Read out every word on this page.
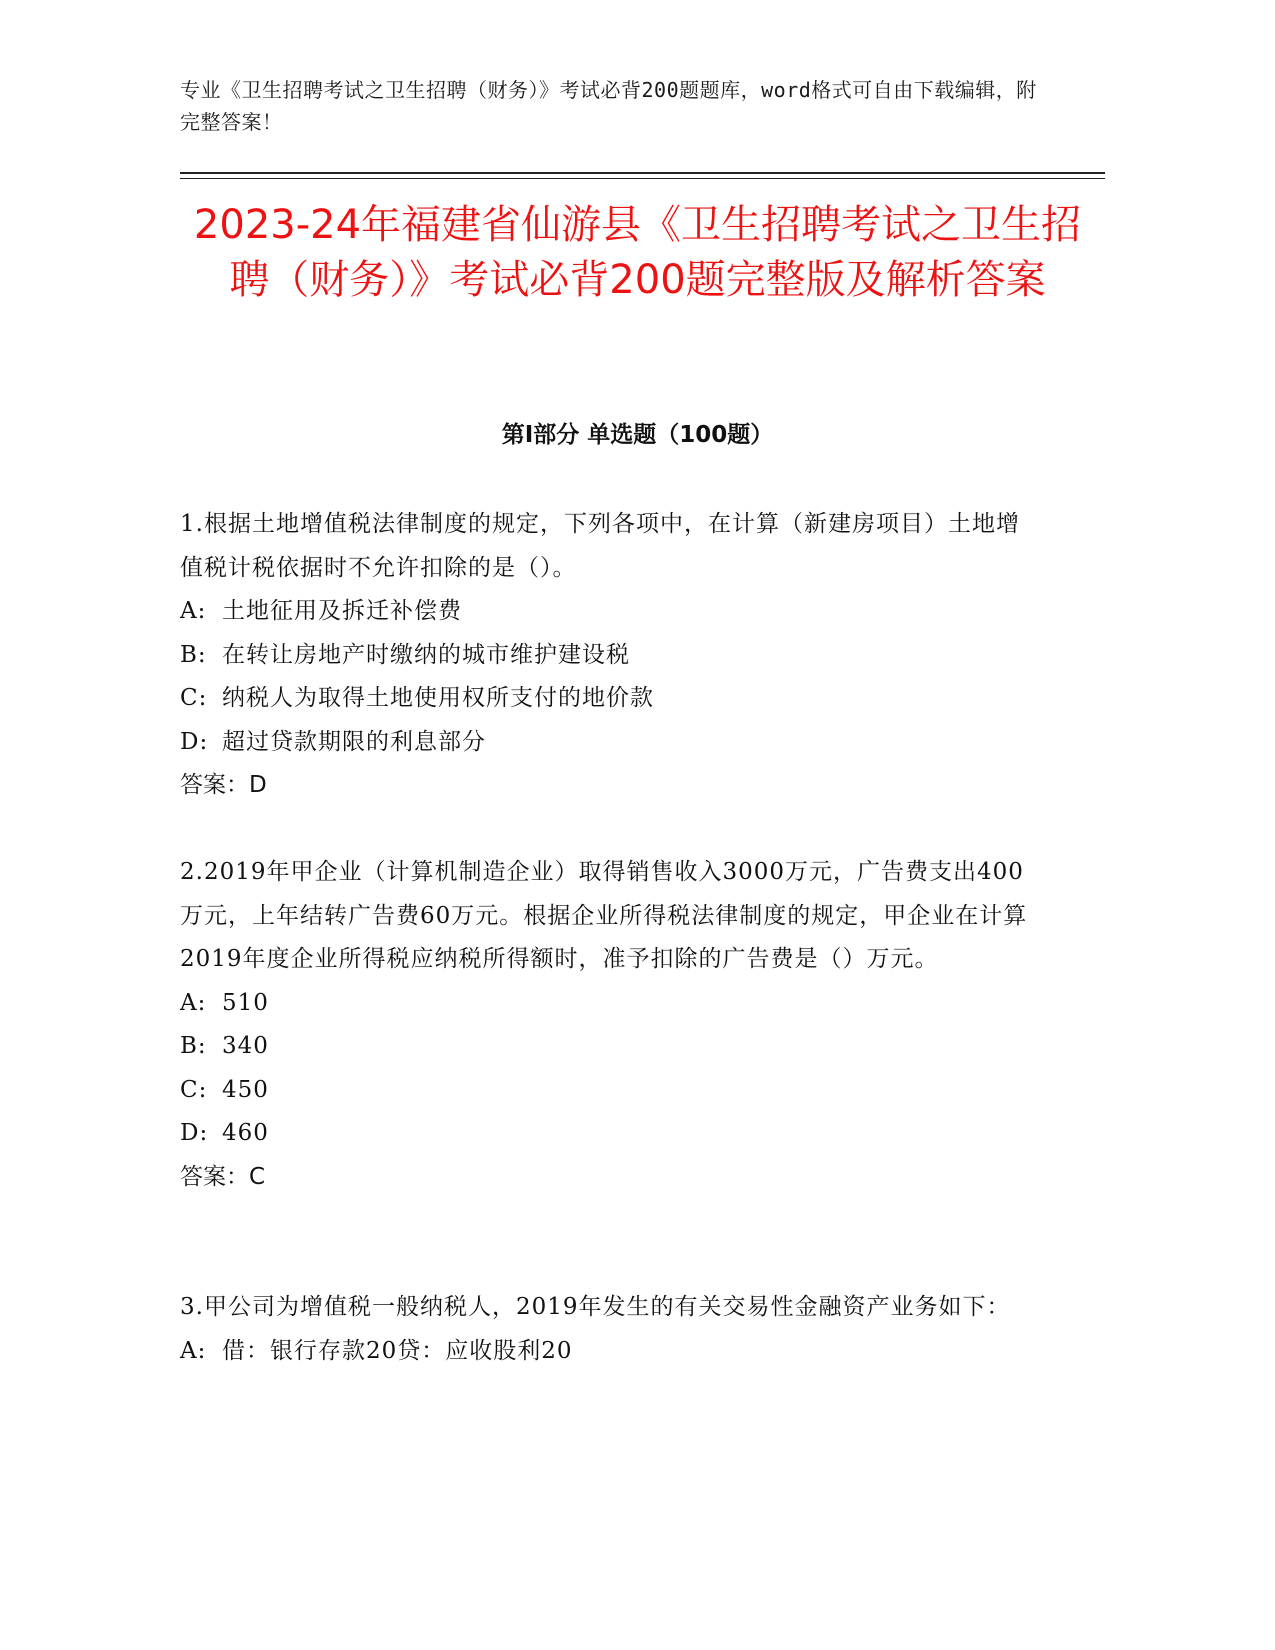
专业《卫生招聘考试之卫生招聘（财务）》考试必背200题题库，word格式可自由下载编辑，附完整答案！
2023-24年福建省仙游县《卫生招聘考试之卫生招聘（财务）》考试必背200题完整版及解析答案
第I部分 单选题（100题）

1.根据土地增值税法律制度的规定，下列各项中，在计算（新建房项目）土地增值税计税依据时不允许扣除的是（）。

A: 土地征用及拆迁补偿费

B: 在转让房地产时缴纳的城市维护建设税

C: 纳税人为取得土地使用权所支付的地价款

D: 超过贷款期限的利息部分

答案：D

2.2019年甲企业（计算机制造企业）取得销售收入3000万元，广告费支出400万元，上年结转广告费60万元。根据企业所得税法律制度的规定，甲企业在计算2019年度企业所得税应纳税所得额时，准予扣除的广告费是（）万元。

A: 510

B: 340

C: 450

D: 460

答案：C

3.甲公司为增值税一般纳税人，2019年发生的有关交易性金融资产业务如下：

A: 借：银行存款20贷：应收股利20
